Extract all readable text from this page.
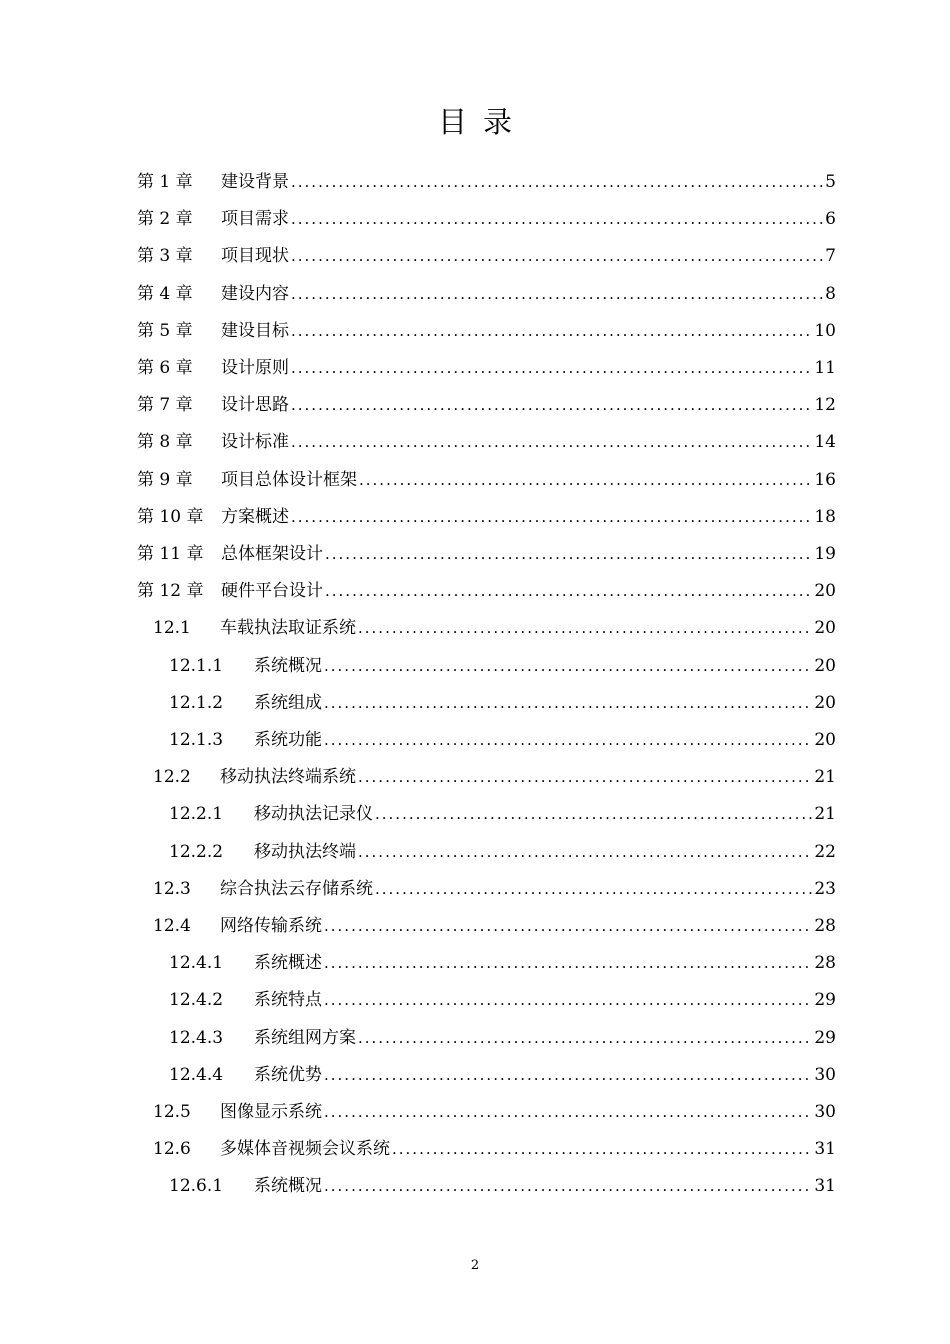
目录
第 1 章	建设背景 .....	5
第 2 章	项目需求 .....	6
第 3 章	项目现状 .....	7
第 4 章	建设内容 .....	8
第 5 章	建设目标 .....	10
第 6 章	设计原则 .....	11
第 7 章	设计思路 .....	12
第 8 章	设计标准 .....	14
第 9 章	项目总体设计框架 .....	16
第 10 章	方案概述 .....	18
第 11 章	总体框架设计 .....	19
第 12 章	硬件平台设计 .....	20
12.1	车载执法取证系统 .....	20
12.1.1	系统概况 .....	20
12.1.2	系统组成 .....	20
12.1.3	系统功能 .....	20
12.2	移动执法终端系统 .....	21
12.2.1	移动执法记录仪 .....	21
12.2.2	移动执法终端 .....	22
12.3	综合执法云存储系统 .....	23
12.4	网络传输系统 .....	28
12.4.1	系统概述 .....	28
12.4.2	系统特点 .....	29
12.4.3	系统组网方案 .....	29
12.4.4	系统优势 .....	30
12.5	图像显示系统 .....	30
12.6	多媒体音视频会议系统 .....	31
12.6.1	系统概况 .....	31
2
